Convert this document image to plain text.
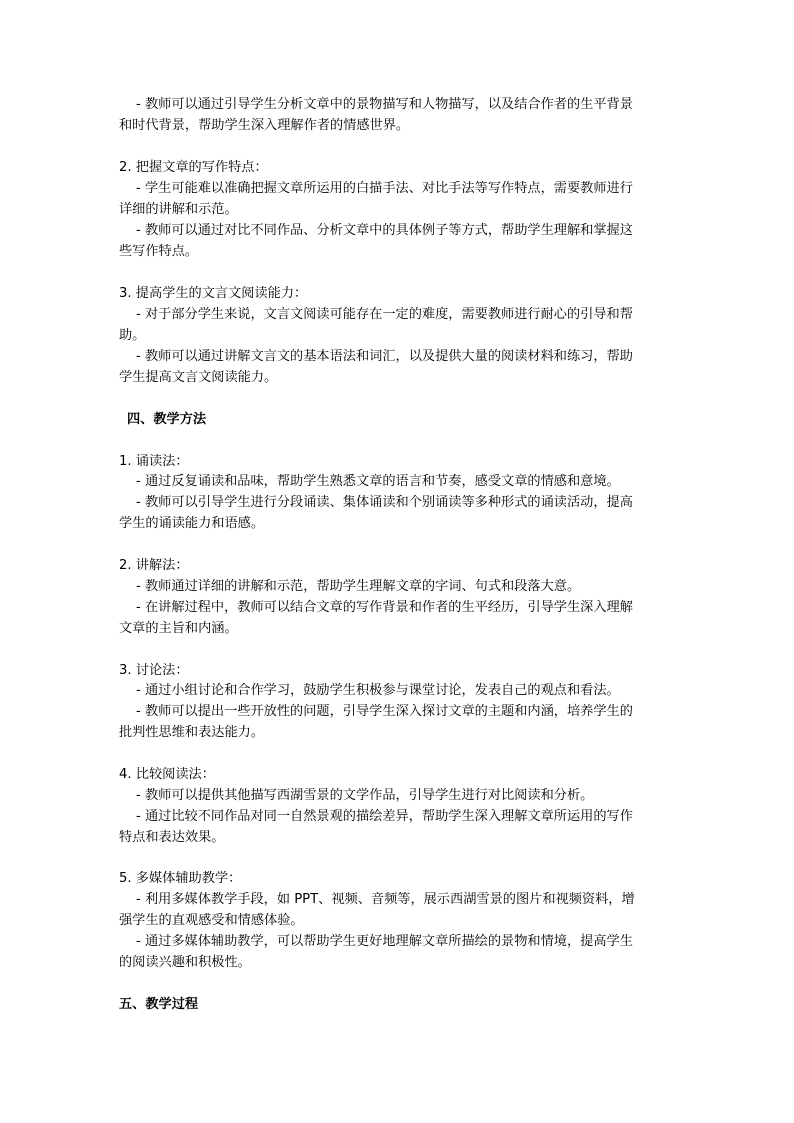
- 教师可以通过引导学生分析文章中的景物描写和人物描写，以及结合作者的生平背景
和时代背景，帮助学生深入理解作者的情感世界。
2. 把握文章的写作特点：
- 学生可能难以准确把握文章所运用的白描手法、对比手法等写作特点，需要教师进行
详细的讲解和示范。
- 教师可以通过对比不同作品、分析文章中的具体例子等方式，帮助学生理解和掌握这
些写作特点。
3. 提高学生的文言文阅读能力：
- 对于部分学生来说，文言文阅读可能存在一定的难度，需要教师进行耐心的引导和帮
助。
- 教师可以通过讲解文言文的基本语法和词汇，以及提供大量的阅读材料和练习，帮助
学生提高文言文阅读能力。
四、教学方法
1. 诵读法：
- 通过反复诵读和品味，帮助学生熟悉文章的语言和节奏，感受文章的情感和意境。
- 教师可以引导学生进行分段诵读、集体诵读和个别诵读等多种形式的诵读活动，提高
学生的诵读能力和语感。
2. 讲解法：
- 教师通过详细的讲解和示范，帮助学生理解文章的字词、句式和段落大意。
- 在讲解过程中，教师可以结合文章的写作背景和作者的生平经历，引导学生深入理解
文章的主旨和内涵。
3. 讨论法：
- 通过小组讨论和合作学习，鼓励学生积极参与课堂讨论，发表自己的观点和看法。
- 教师可以提出一些开放性的问题，引导学生深入探讨文章的主题和内涵，培养学生的
批判性思维和表达能力。
4. 比较阅读法：
- 教师可以提供其他描写西湖雪景的文学作品，引导学生进行对比阅读和分析。
- 通过比较不同作品对同一自然景观的描绘差异，帮助学生深入理解文章所运用的写作
特点和表达效果。
5. 多媒体辅助教学：
- 利用多媒体教学手段，如 PPT、视频、音频等，展示西湖雪景的图片和视频资料，增
强学生的直观感受和情感体验。
- 通过多媒体辅助教学，可以帮助学生更好地理解文章所描绘的景物和情境，提高学生
的阅读兴趣和积极性。
五、教学过程
